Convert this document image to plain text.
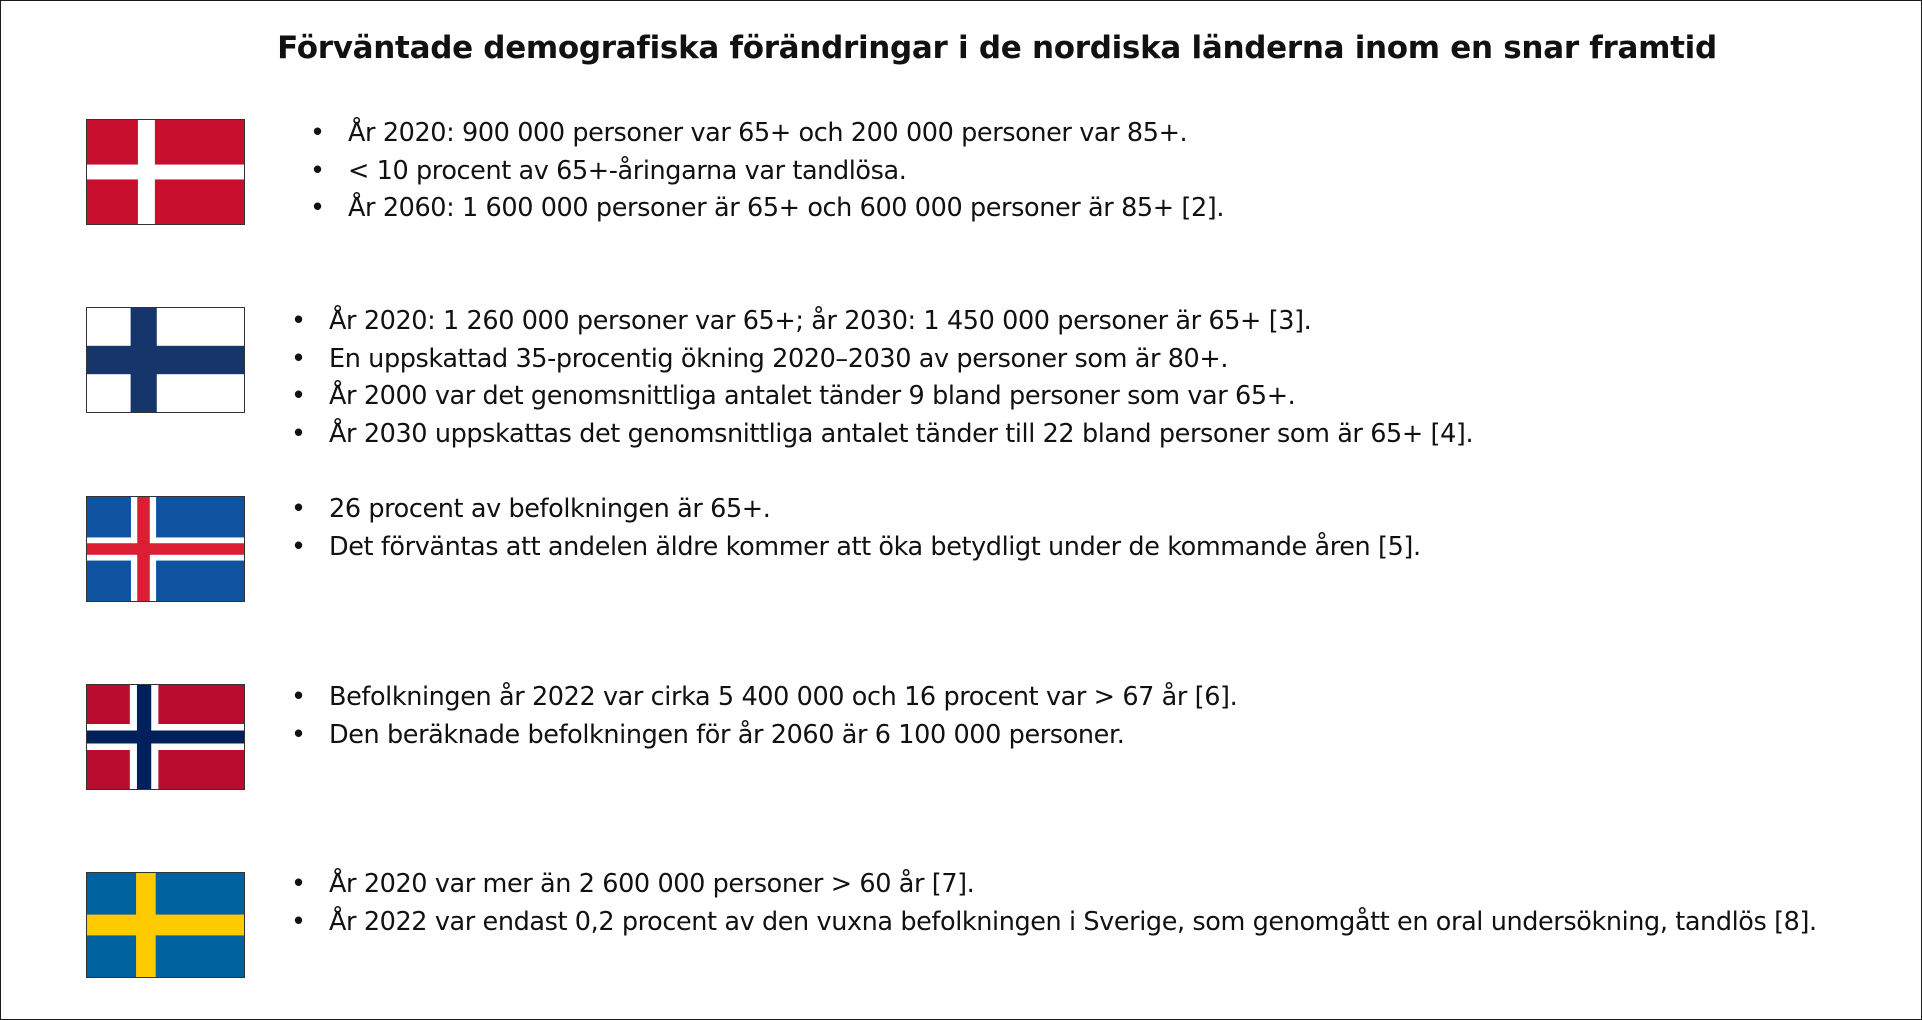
Förväntade demografiska förändringar i de nordiska länderna inom en snar framtid
• År 2020: 900 000 personer var 65+ och 200 000 personer var 85+.
• < 10 procent av 65+-åringarna var tandlösa.
• År 2060: 1 600 000 personer är 65+ och 600 000 personer är 85+ [2].
• År 2020: 1 260 000 personer var 65+; år 2030: 1 450 000 personer är 65+ [3].
• En uppskattad 35-procentig ökning 2020–2030 av personer som är 80+.
• År 2000 var det genomsnittliga antalet tänder 9 bland personer som var 65+.
• År 2030 uppskattas det genomsnittliga antalet tänder till 22 bland personer som är 65+ [4].
• 26 procent av befolkningen är 65+.
• Det förväntas att andelen äldre kommer att öka betydligt under de kommande åren [5].
• Befolkningen år 2022 var cirka 5 400 000 och 16 procent var > 67 år [6].
• Den beräknade befolkningen för år 2060 är 6 100 000 personer.
• År 2020 var mer än 2 600 000 personer > 60 år [7].
• År 2022 var endast 0,2 procent av den vuxna befolkningen i Sverige, som genomgått en oral undersökning, tandlös [8].
